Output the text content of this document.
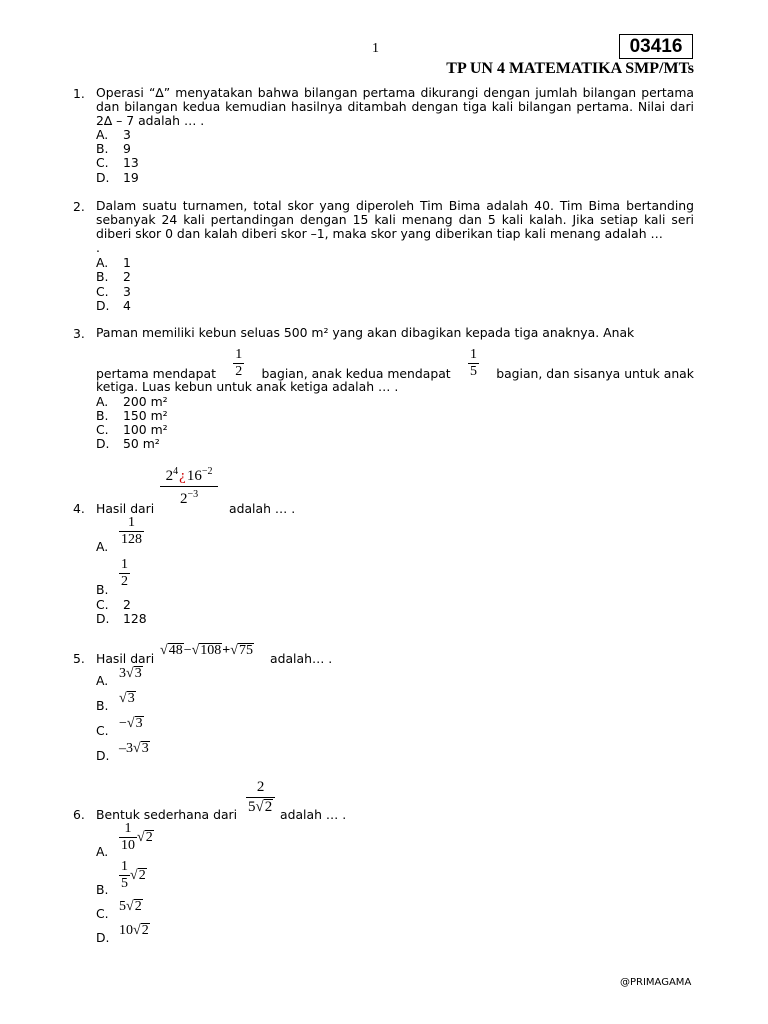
1	03416
TP UN 4 MATEMATIKA SMP/MTs
1. Operasi “∆” menyatakan bahwa bilangan pertama dikurangi dengan jumlah bilangan pertama dan bilangan kedua kemudian hasilnya ditambah dengan tiga kali bilangan pertama. Nilai dari 2∆ – 7 adalah … .
A. 3
B. 9
C. 13
D. 19
2. Dalam suatu turnamen, total skor yang diperoleh Tim Bima adalah 40. Tim Bima bertanding sebanyak 24 kali pertandingan dengan 15 kali menang dan 5 kali kalah. Jika setiap kali seri diberi skor 0 dan kalah diberi skor –1, maka skor yang diberikan tiap kali menang adalah …
.
A. 1
B. 2
C. 3
D. 4
3. Paman memiliki kebun seluas 500 m² yang akan dibagikan kepada tiga anaknya. Anak
pertama mendapat $\frac{1}{2}$ bagian, anak kedua mendapat $\frac{1}{5}$ bagian, dan sisanya untuk anak
ketiga. Luas kebun untuk anak ketiga adalah … .
A. 200 m²
B. 150 m²
C. 100 m²
D. 50 m²
4. Hasil dari $\frac{2^4¿16^{-2}}{2^{-3}}$ adalah … .
A. $\frac{1}{128}$
B. $\frac{1}{2}$
C. 2
D. 128
5. Hasil dari
√48−√108+√75
adalah… .
A. 3√3
B. √3
C. −√3
D. –3√3
6. Bentuk sederhana dari $\frac{2}{5√2}$ adalah … .
A. $\frac{1}{10} √2$
B. $\frac{1}{5} √2$
C. 5√2
D. 10√2
@PRIMAGAMA
